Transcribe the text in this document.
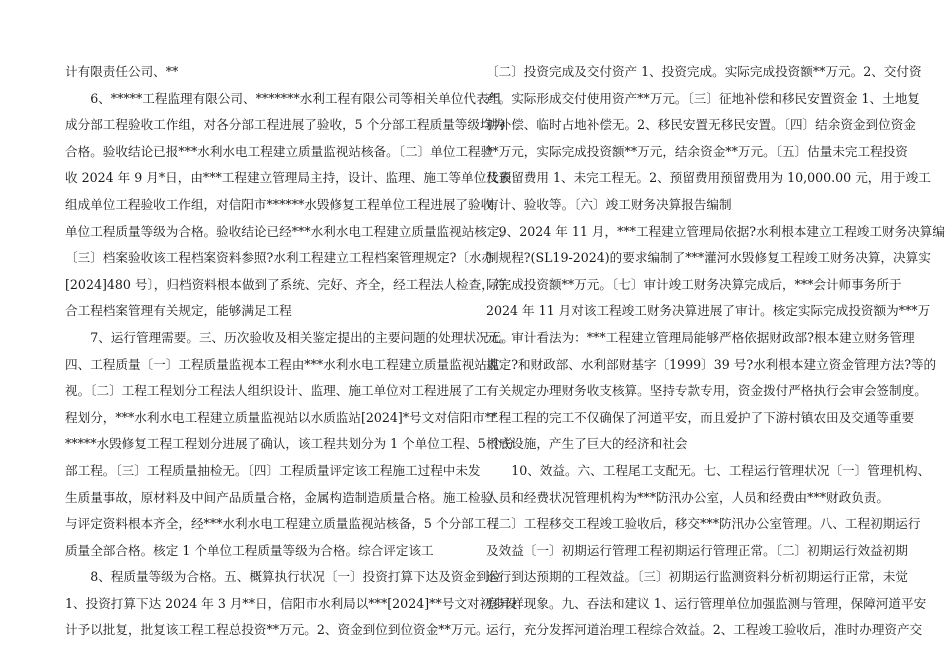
计有限责任公司、**
　　6、*****工程监理有限公司、*******水利工程有限公司等相关单位代表组
成分部工程验收工作组，对各分部工程进展了验收，5 个分部工程质量等级均为
合格。验收结论已报***水利水电工程建立质量监视站核备。〔二〕单位工程验
收 2024 年 9 月*日，由***工程建立管理局主持，设计、监理、施工等单位代表
组成单位工程验收工作组，对信阳市******水毁修复工程单位工程进展了验收，
单位工程质量等级为合格。验收结论已经***水利水电工程建立质量监视站核定。
〔三〕档案验收该工程档案资料参照?水利工程建立工程档案管理规定?〔水办
[2024]480 号〕，归档资料根本做到了系统、完好、齐全，经工程法人检查，符
合工程档案管理有关规定，能够满足工程
　　7、运行管理需要。三、历次验收及相关鉴定提出的主要问题的处理状况无。
四、工程质量〔一〕工程质量监视本工程由***水利水电工程建立质量监视站监
视。〔二〕工程工程划分工程法人组织设计、监理、施工单位对工程进展了工
程划分，***水利水电工程建立质量监视站以水质监站[2024]*号文对信阳市**
*****水毁修复工程工程划分进展了确认，该工程共划分为 1 个单位工程、5 个分
部工程。〔三〕工程质量抽检无。〔四〕工程质量评定该工程施工过程中未发
生质量事故，原材料及中间产品质量合格，金属构造制造质量合格。施工检验
与评定资料根本齐全，经***水利水电工程建立质量监视站核备，5 个分部工程
质量全部合格。核定 1 个单位工程质量等级为合格。综合评定该工
　　8、程质量等级为合格。五、概算执行状况〔一〕投资打算下达及资金到位
1、投资打算下达 2024 年 3 月**日，信阳市水利局以***[2024]**号文对初步设
计予以批复，批复该工程工程总投资**万元。2、资金到位到位资金**万元。
〔二〕投资完成及交付资产 1、投资完成。实际完成投资额**万元。2、交付资
产。实际形成交付使用资产**万元。〔三〕征地补偿和移民安置资金 1、土地复
耕补偿、临时占地补偿无。2、移民安置无移民安置。〔四〕结余资金到位资金
**万元，实际完成投资额**万元，结余资金**万元。〔五〕估量未完工程投资
及预留费用 1、未完工程无。2、预留费用预留费用为 10,000.00 元，用于竣工
审计、验收等。〔六〕竣工财务决算报告编制
　9、2024 年 11 月，***工程建立管理局依据?水利根本建立工程竣工财务决算编
制规程?(SL19-2024)的要求编制了***灌河水毁修复工程竣工财务决算，决算实
际完成投资额**万元。〔七〕审计竣工财务决算完成后，***会计师事务所于
2024 年 11 月对该工程竣工财务决算进展了审计。核定实际完成投资额为***万
元。审计看法为：***工程建立管理局能够严格依据财政部?根本建立财务管理
规定?和财政部、水利部财基字〔1999〕39 号?水利根本建立资金管理方法?等的
有关规定办理财务收支核算。坚持专款专用，资金拨付严格执行会审会签制度。
工程工程的完工不仅确保了河道平安，而且爱护了下游村镇农田及交通等重要
根底设施，产生了巨大的经济和社会
　　10、效益。六、工程尾工支配无。七、工程运行管理状况〔一〕管理机构、
人员和经费状况管理机构为***防汛办公室，人员和经费由***财政负责。
〔二〕工程移交工程竣工验收后，移交***防汛办公室管理。八、工程初期运行
及效益〔一〕初期运行管理工程初期运行管理正常。〔二〕初期运行效益初期
运行到达预期的工程效益。〔三〕初期运行监测资料分析初期运行正常，未觉
察异样现象。九、吞法和建议 1、运行管理单位加强监测与管理，保障河道平安
运行，充分发挥河道治理工程综合效益。2、工程竣工验收后，准时办理资产交
